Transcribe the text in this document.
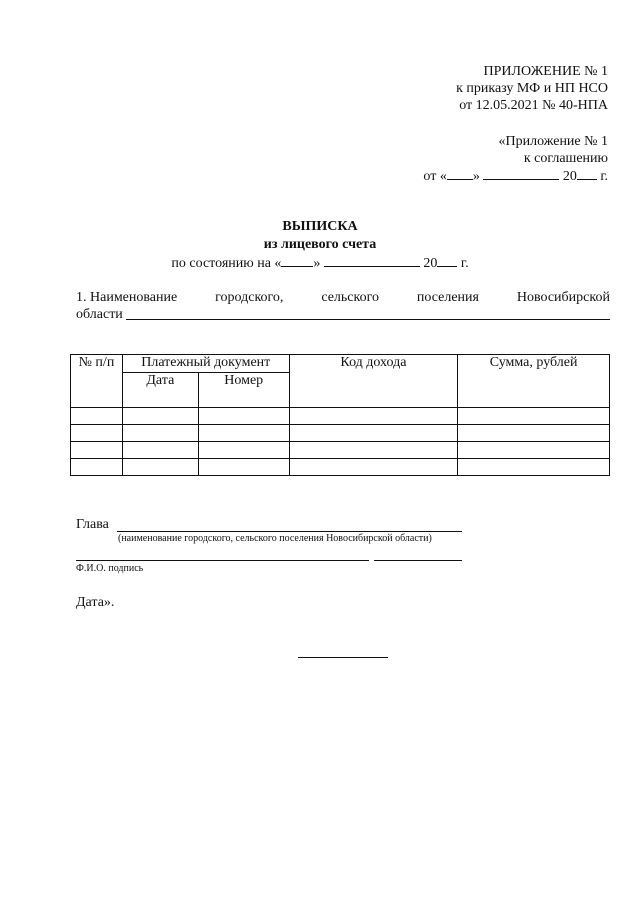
ПРИЛОЖЕНИЕ № 1
к приказу МФ и НП НСО
от 12.05.2021 № 40-НПА
«Приложение № 1
к соглашению
от « »	20 г.
ВЫПИСКА
из лицевого счета
по состоянию на « »	20 г.
1. Наименование	городского,	сельского	поселения	Новосибирской
области
№ п/п	Платежный документ		Код дохода	Сумма, рублей
	Дата	Номер		

Глава
(наименование городского, сельского поселения Новосибирской области)
Ф.И.О. подпись
Дата».
